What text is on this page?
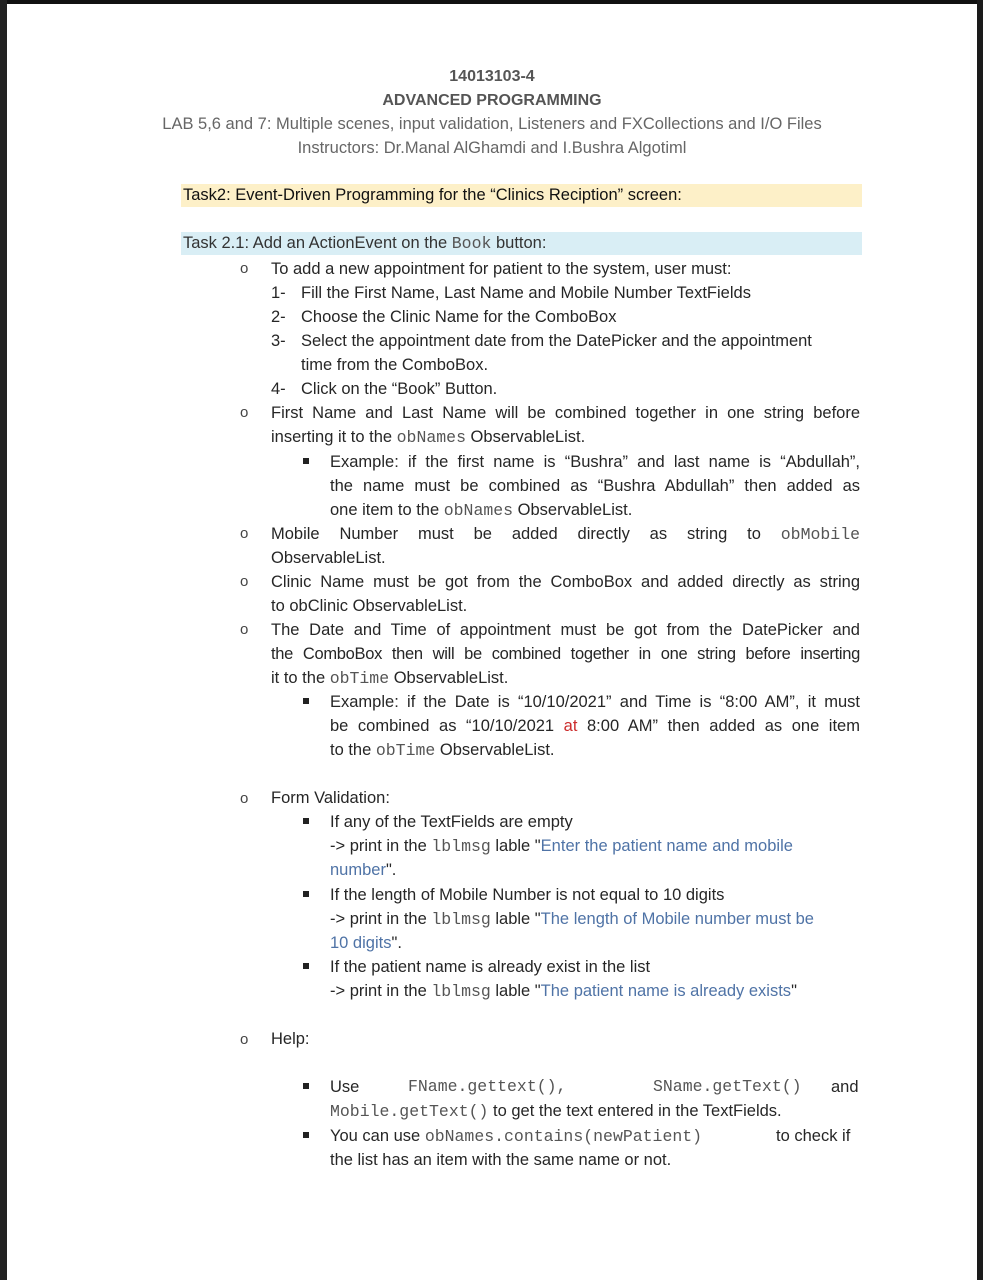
14013103-4
ADVANCED PROGRAMMING
LAB 5,6 and 7: Multiple scenes, input validation, Listeners and FXCollections and I/O Files
Instructors: Dr.Manal AlGhamdi and I.Bushra Algotiml
Task2: Event-Driven Programming for the “Clinics Reciption” screen:
Task 2.1: Add an ActionEvent on the Book button:
o To add a new appointment for patient to the system, user must:
1- Fill the First Name, Last Name and Mobile Number TextFields
2- Choose the Clinic Name for the ComboBox
3- Select the appointment date from the DatePicker and the appointment
time from the ComboBox.
4- Click on the “Book” Button.
o First Name and Last Name will be combined together in one string before
inserting it to the obNames ObservableList.
Example: if the first name is “Bushra” and last name is “Abdullah”,
the name must be combined as “Bushra Abdullah” then added as
one item to the obNames ObservableList.
o Mobile Number must be added directly as string to obMobile
ObservableList.
o Clinic Name must be got from the ComboBox and added directly as string
to obClinic ObservableList.
o The Date and Time of appointment must be got from the DatePicker and
the ComboBox then will be combined together in one string before inserting
it to the obTime ObservableList.
Example: if the Date is “10/10/2021” and Time is “8:00 AM”, it must
be combined as “10/10/2021 at 8:00 AM” then added as one item
to the obTime ObservableList.
o Form Validation:
If any of the TextFields are empty
-> print in the lblmsg lable "Enter the patient name and mobile
number".
If the length of Mobile Number is not equal to 10 digits
-> print in the lblmsg lable "The length of Mobile number must be
10 digits".
If the patient name is already exist in the list
-> print in the lblmsg lable "The patient name is already exists"
o Help:
Use	FName.gettext(),	SName.getText() and
Mobile.getText() to get the text entered in the TextFields.
You can use obNames.contains(newPatient)	to check if
the list has an item with the same name or not.
